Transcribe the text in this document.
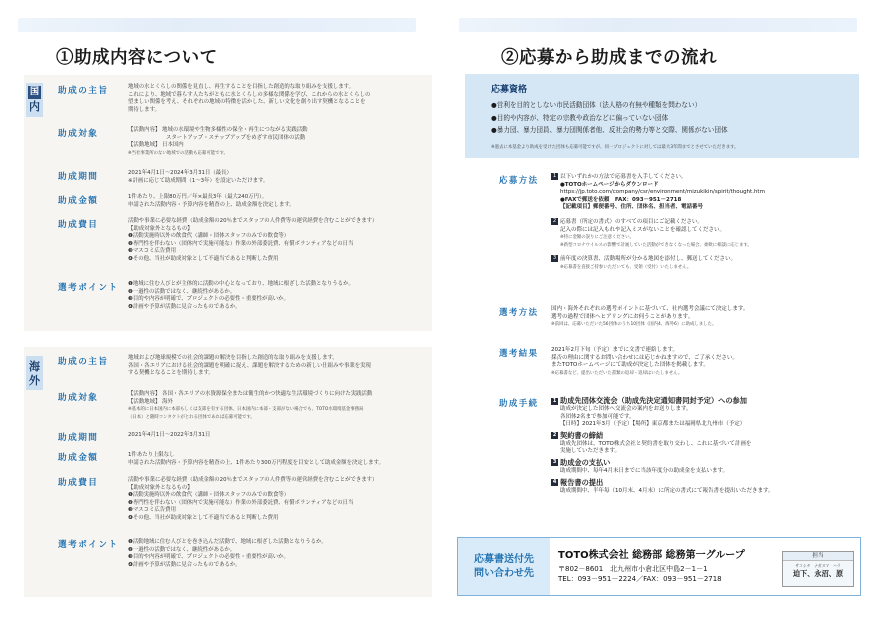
①助成内容について
国
内
助成の主旨	地域の水とくらしの関係を見直し、再生することを目指した創造的な取り組みを支援します。

これにより、地域で暮らす人たちがともに水とくらしの多様な関係を学び、これからの水とくらしの

望ましい関係を考え、それぞれの地域の特徴を活かした、新しい文化を創り出す契機となることを

期待します。

助成対象	【活動内容】 地域の水環境や生物多様性の保全・再生につながる実践活動

スタートアップ・ステップアップをめざす市民団体の活動

【活動地域】 日本国内

※当社事業所のない地域での活動も応募可能です。

助成期間	2021年4月1日～2024年3月31日（最長）

※計画に応じて助成期間（1～3年）を設定いただけます。

助成金額	1件あたり、上限80万円／年×最長3年（最大240万円）。

申請された活動内容・予算内容を精査の上、助成金額を決定します。

助成費目	活動や事業に必要な経費（助成金額の20％までスタッフの人件費等の運営経費を含むことができます）

【助成対象外となるもの】

❶活動実施時以外の飲食代（講師・団体スタッフのみでの飲食等）

❷専門性を伴わない（団体内で実施可能な）作業の外部委託費、有償ボランティアなどの日当

❸マスコミ広告費用

❹その他、当社が助成対象として不適当であると判断した費用

選考ポイント ❶地域に住む人びとが主体的に活動の中心となっており、地域に根ざした活動となりうるか。

❷一過性の活動ではなく、継続性があるか。

❸目的や内容が明確で、プロジェクトの必要性・重要性が高いか。

❹計画や予算が活動に見合ったものであるか。

海外
助成の主旨	地域および地球規模での社会的課題の解決を目指した創造的な取り組みを支援します。

各国・各エリアにおける社会的課題を明確に捉え、課題を解決するための新しい仕組みや事業を実現

する契機となることを期待します。

助成対象	【活動内容】 各国・各エリアの水資源保全または衛生的かつ快適な生活環境づくりに向けた実践活動

【活動地域】 海外

※基本的に日本国内に本部もしくは支部を有する団体。日本国内に本部・支部がない場合でも、TOTO水環境基金事務局

（日本）と随時コンタクトがとれる団体であれば応募可能です。

助成期間	2021年4月1日～2022年3月31日
助成金額	1件あたり上限なし

申請された活動内容・予算内容を精査の上、1件あたり300万円程度を目安として助成金額を決定します。

助成費目	活動や事業に必要な経費（助成金額の20％までスタッフの人件費等の運営経費を含むことができます）

【助成対象外となるもの】

❶活動実施時以外の飲食代（講師・団体スタッフのみでの飲食等）

❷専門性を伴わない（団体内で実施可能な）作業の外部委託費、有償ボランティアなどの日当

❸マスコミ広告費用

❹その他、当社が助成対象として不適当であると判断した費用

選考ポイント ❶活動地域に住む人びとを巻き込んだ活動で、地域に根ざした活動となりうるか。

❷一過性の活動ではなく、継続性があるか。

❸目的や内容が明確で、プロジェクトの必要性・重要性が高いか。

❹計画や予算が活動に見合ったものであるか。

②応募から助成までの流れ
応募資格

●営利を目的としない市民活動団体（法人格の有無や種類を問わない）

●目的や内容が、特定の宗教や政治などに偏っていない団体

●暴力団、暴力団員、暴力団関係者他、反社会的勢力等と交際、関係がない団体

※過去に本基金より助成を受けた団体も応募可能ですが、同一プロジェクトに対しては最大3年間までとさせていただきます。
応募方法	1 以下いずれかの方法で応募書を入手してください。

●TOTOホームページからダウンロード

https://jp.toto.com/company/csr/environment/mizukikin/spirit/thought.htm

●FAXで郵送を依頼　FAX：093－951－2718

【記載項目】郵便番号、住所、団体名、担当者、電話番号

2 応募書（所定の書式）のすべての項目にご記載ください。

記入の際には記入もれや記入ミスがないことを確認してください。

※特に金額の誤りにご注意ください。

※新型コロナウイルスの影響で計画していた活動ができなくなった場合、柔軟に相談に応じます。

3 前年度の決算書、活動場所が分かる地図を添付し、郵送してください。

※応募書を直接ご持参いただいても、受領（受付）いたしません。

選考方法 国内・海外それぞれの選考ポイントに基づいて、社内選考会議にて決定します。

選考の過程で団体へヒアリングにお伺うことがあります。

※前回は、応募いただいた56団体のうち10団体（国内4、海外6）に助成しました。

選考結果 2021年2月下旬（予定）までに文書で連絡します。

採否の理由に関するお問い合わせには応じかねますので、ご了承ください。

またTOTOホームページにて助成が決定した団体を掲載します。

※応募書など、提出いただいた書類の返却・返却はいたしません。

助成手続	1 助成先団体交流会（助成先決定通知書同封予定）への参加

助成が決定した団体へ交流会の案内をお送りします。

各団体2名まで参加可能です。

【日時】2021年3月（予定）【場所】東京都または福岡県北九州市（予定）

2 契約書の締結

助成先団体は、TOTO株式会社と契約書を取り交わし、これに基づいて計画を

実施していただきます。

3 助成金の支払い

助成期間中、毎年4月末日までに当該年度分の助成金を支払います。

4 報告書の提出

助成期間中、半年毎（10月末、4月末）に所定の書式にて報告書を提出いただきます。

応募書送付先

問い合わせ先

TOTO株式会社 総務部 総務第一グループ

〒802－8601　北九州市小倉北区中島2－1－1

TEL：093－951－2224／FAX：093－951－2718

担当
サコシタ　ナガヌマ　ハラ
迫下、永沼、原
